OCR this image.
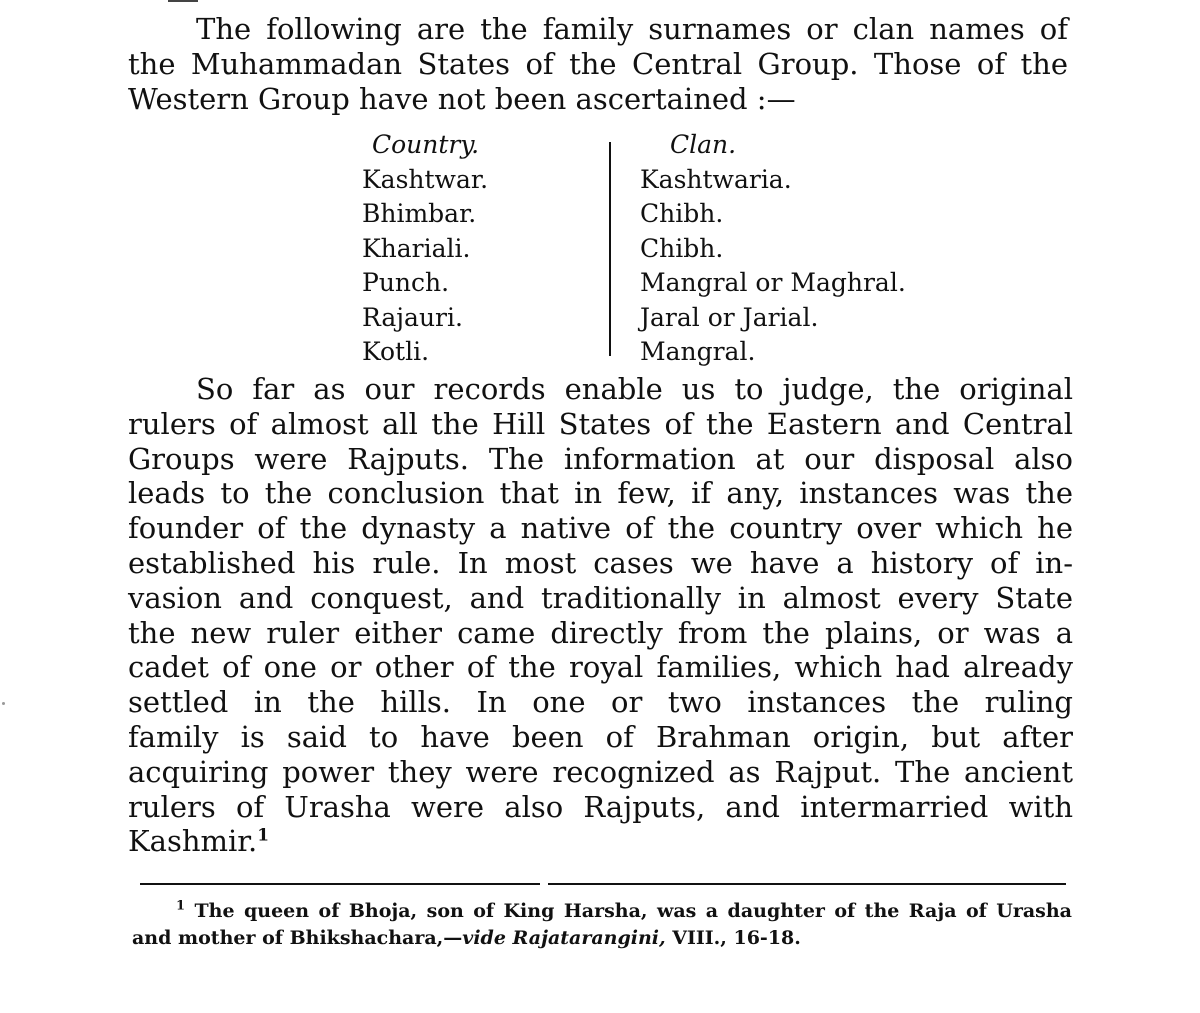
The following are the family surnames or clan names of
the Muhammadan States of the Central Group. Those of the
Western Group have not been ascertained :—

Country.
Kashtwar.
Bhimbar.
Khariali.
Punch.
Rajauri.
Kotli.
Clan.
Kashtwaria.
Chibh.
Chibh.
Mangral or Maghral.
Jaral or Jarial.
Mangral.

So far as our records enable us to judge, the original
rulers of almost all the Hill States of the Eastern and Central
Groups were Rajputs. The information at our disposal also
leads to the conclusion that in few, if any, instances was the
founder of the dynasty a native of the country over which he
established his rule. In most cases we have a history of in-
vasion and conquest, and traditionally in almost every State
the new ruler either came directly from the plains, or was a
cadet of one or other of the royal families, which had already
settled in the hills. In one or two instances the ruling
family is said to have been of Brahman origin, but after
acquiring power they were recognized as Rajput. The ancient
rulers of Urasha were also Rajputs, and intermarried with
Kashmir.$^1$

$^1$ The queen of Bhoja, son of King Harsha, was a daughter of the Raja of Urasha
and mother of Bhikshachara,—vide Rajatarangini, VIII., 16-18.
